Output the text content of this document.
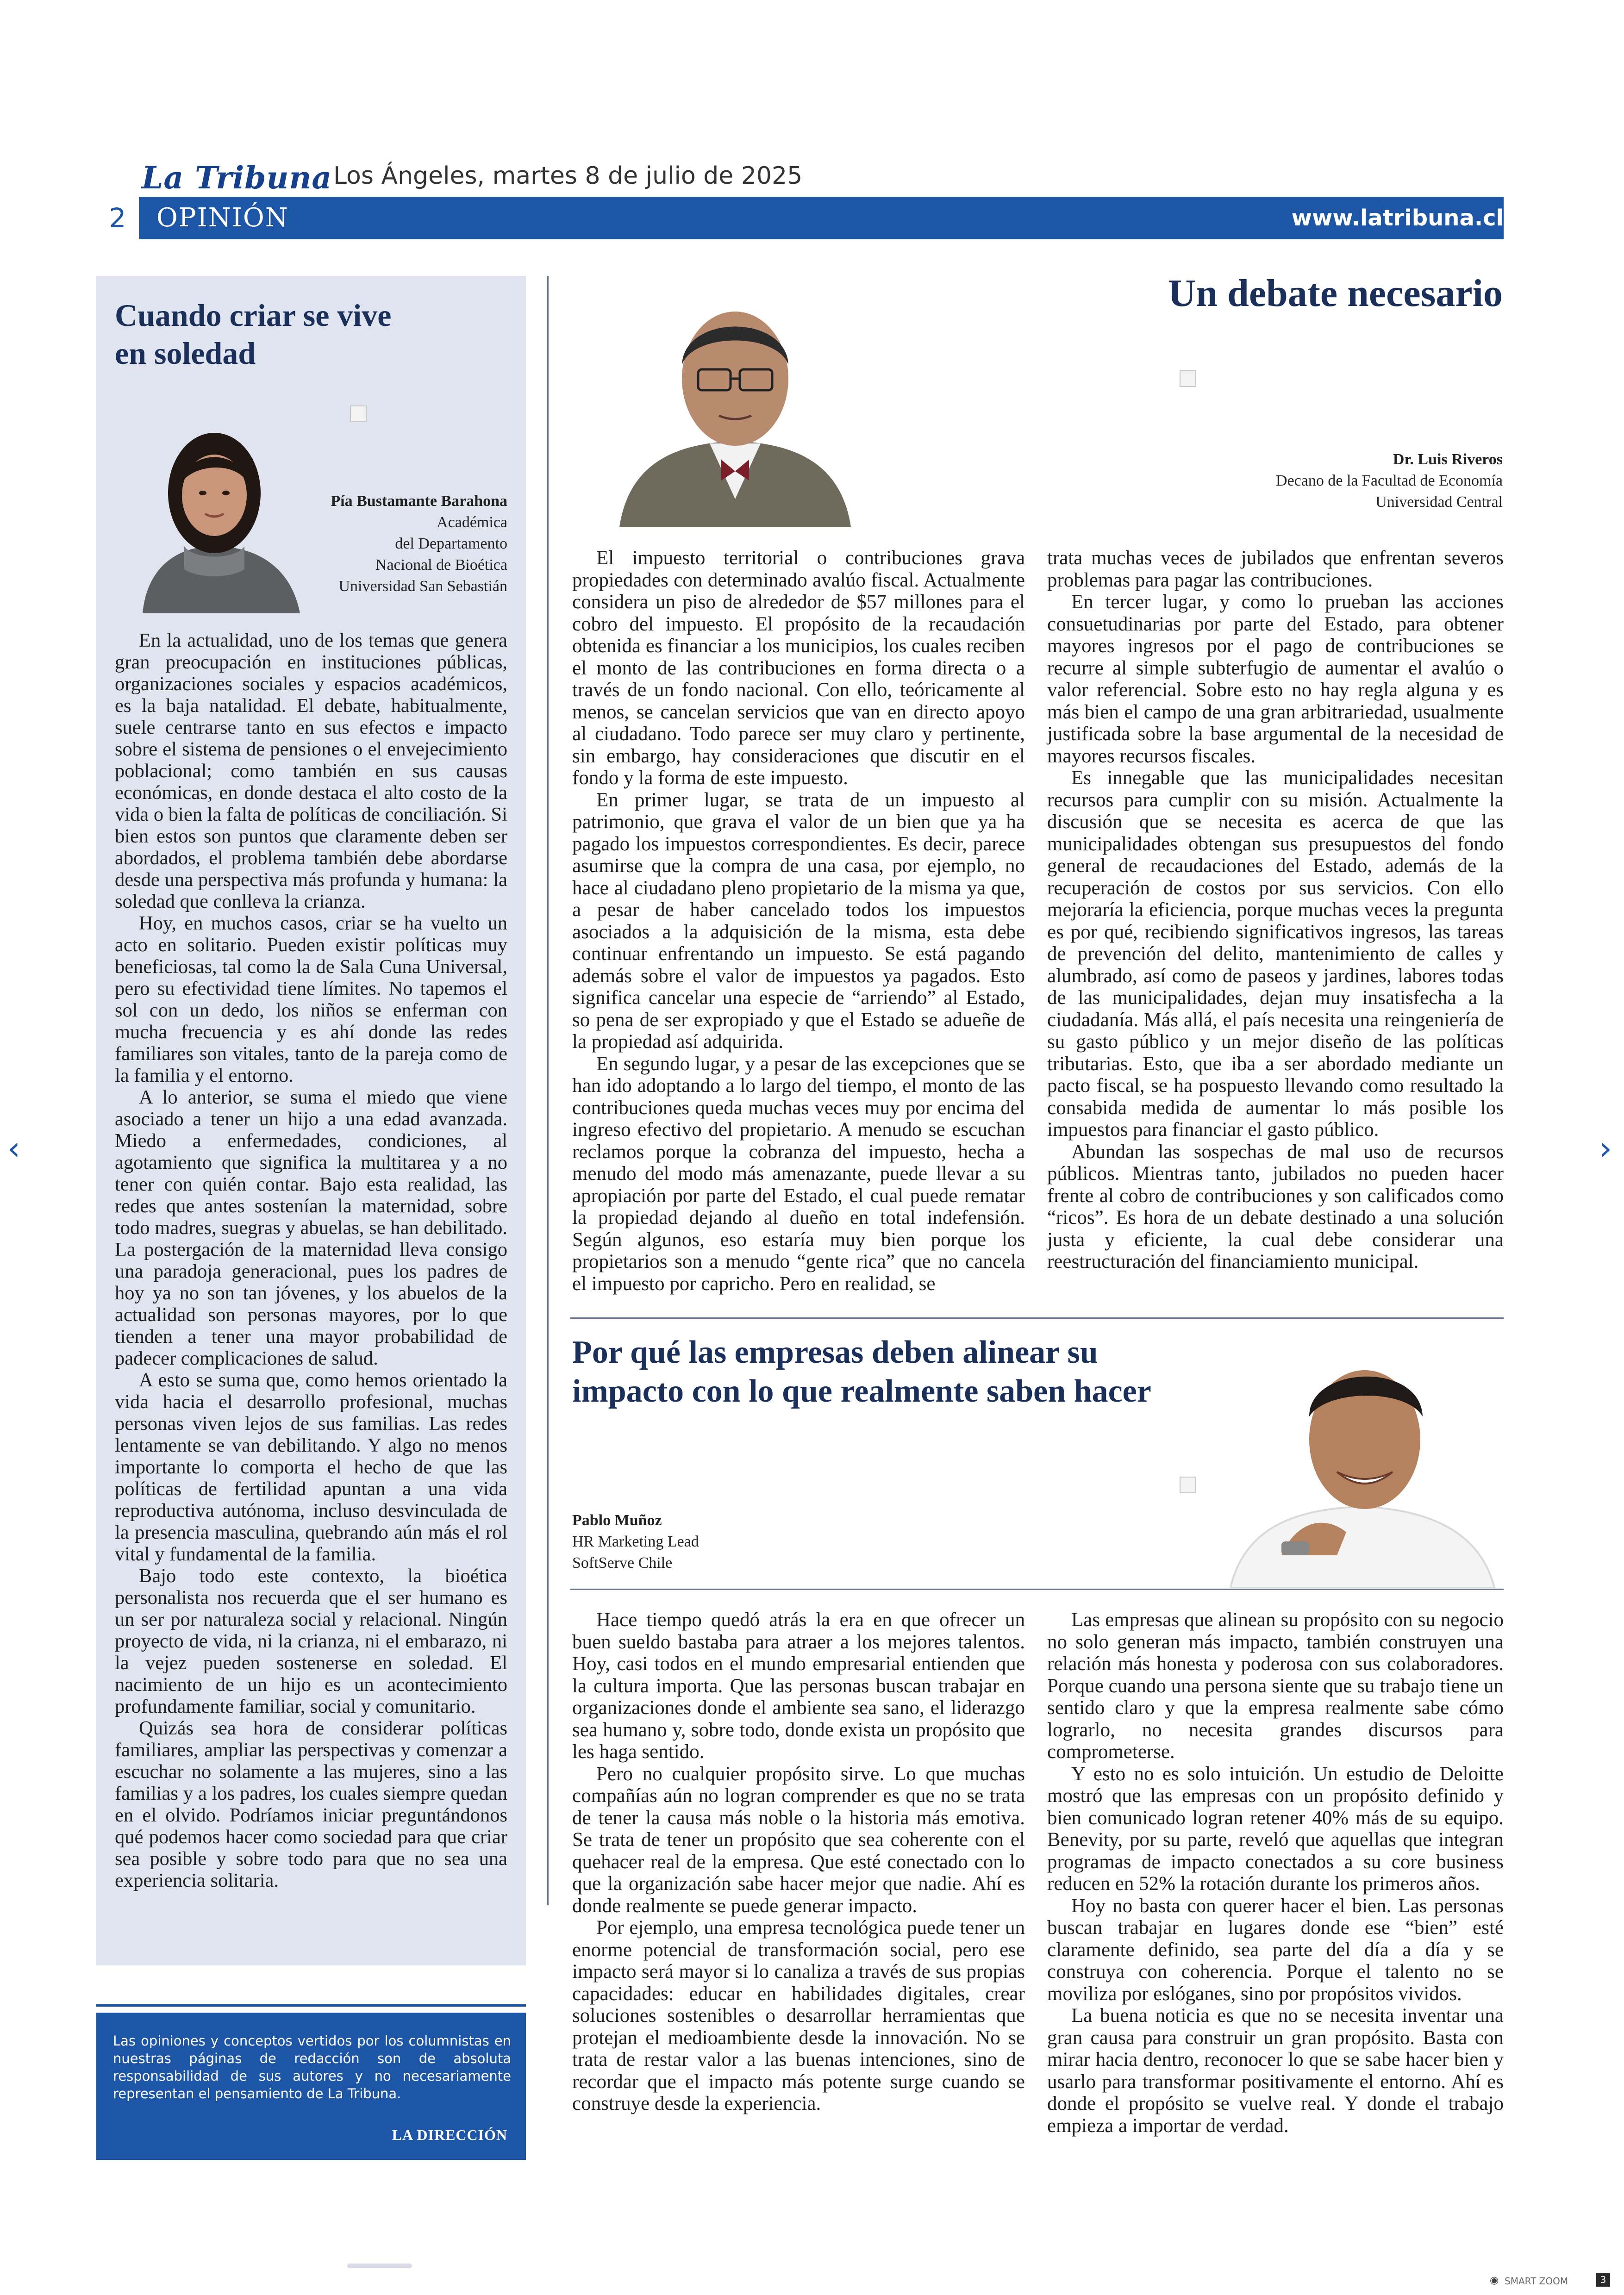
La Tribuna Los Ángeles, martes 8 de julio de 2025
2	OPINIÓN	www.latribuna.cl
Cuando criar se vive
en soledad
Pía Bustamante Barahona
Académica
del Departamento
Nacional de Bioética
Universidad San Sebastián

En la actualidad, uno de los temas que genera gran preocupación en instituciones públicas, organizaciones sociales y espacios académicos, es la baja natalidad. El debate, habitualmente, suele centrarse tanto en sus efectos e impacto sobre el sistema de pensiones o el envejecimiento poblacional; como también en sus causas económicas, en donde destaca el alto costo de la vida o bien la falta de políticas de conciliación. Si bien estos son puntos que claramente deben ser abordados, el problema también debe abordarse desde una perspectiva más profunda y humana: la soledad que conlleva la crianza.

Hoy, en muchos casos, criar se ha vuelto un acto en solitario. Pueden existir políticas muy beneficiosas, tal como la de Sala Cuna Universal, pero su efectividad tiene límites. No tapemos el sol con un dedo, los niños se enferman con mucha frecuencia y es ahí donde las redes familiares son vitales, tanto de la pareja como de la familia y el entorno.

A lo anterior, se suma el miedo que viene asociado a tener un hijo a una edad avanzada. Miedo a enfermedades, condiciones, al agotamiento que significa la multitarea y a no tener con quién contar. Bajo esta realidad, las redes que antes sostenían la maternidad, sobre todo madres, suegras y abuelas, se han debilitado. La postergación de la maternidad lleva consigo una paradoja generacional, pues los padres de hoy ya no son tan jóvenes, y los abuelos de la actualidad son personas mayores, por lo que tienden a tener una mayor probabilidad de padecer complicaciones de salud.

A esto se suma que, como hemos orientado la vida hacia el desarrollo profesional, muchas personas viven lejos de sus familias. Las redes lentamente se van debilitando. Y algo no menos importante lo comporta el hecho de que las políticas de fertilidad apuntan a una vida reproductiva autónoma, incluso desvinculada de la presencia masculina, quebrando aún más el rol vital y fundamental de la familia.

Bajo todo este contexto, la bioética personalista nos recuerda que el ser humano es un ser por naturaleza social y relacional. Ningún proyecto de vida, ni la crianza, ni el embarazo, ni la vejez pueden sostenerse en soledad. El nacimiento de un hijo es un acontecimiento profundamente familiar, social y comunitario.

Quizás sea hora de considerar políticas familiares, ampliar las perspectivas y comenzar a escuchar no solamente a las mujeres, sino a las familias y a los padres, los cuales siempre quedan en el olvido. Podríamos iniciar preguntándonos qué podemos hacer como sociedad para que criar sea posible y sobre todo para que no sea una experiencia solitaria.

Las opiniones y conceptos vertidos por los columnistas en nuestras páginas de redacción son de absoluta responsabilidad de sus autores y no necesariamente representan el pensamiento de La Tribuna.
LA DIRECCIÓN
Un debate necesario
Dr. Luis Riveros
Decano de la Facultad de Economía
Universidad Central

El impuesto territorial o contribuciones grava propiedades con determinado avalúo fiscal. Actualmente considera un piso de alrededor de $57 millones para el cobro del impuesto. El propósito de la recaudación obtenida es financiar a los municipios, los cuales reciben el monto de las contribuciones en forma directa o a través de un fondo nacional. Con ello, teóricamente al menos, se cancelan servicios que van en directo apoyo al ciudadano. Todo parece ser muy claro y pertinente, sin embargo, hay consideraciones que discutir en el fondo y la forma de este impuesto.

En primer lugar, se trata de un impuesto al patrimonio, que grava el valor de un bien que ya ha pagado los impuestos correspondientes. Es decir, parece asumirse que la compra de una casa, por ejemplo, no hace al ciudadano pleno propietario de la misma ya que, a pesar de haber cancelado todos los impuestos asociados a la adquisición de la misma, esta debe continuar enfrentando un impuesto. Se está pagando además sobre el valor de impuestos ya pagados. Esto significa cancelar una especie de “arriendo” al Estado, so pena de ser expropiado y que el Estado se adueñe de la propiedad así adquirida.

En segundo lugar, y a pesar de las excepciones que se han ido adoptando a lo largo del tiempo, el monto de las contribuciones queda muchas veces muy por encima del ingreso efectivo del propietario. A menudo se escuchan reclamos porque la cobranza del impuesto, hecha a menudo del modo más amenazante, puede llevar a su apropiación por parte del Estado, el cual puede rematar la propiedad dejando al dueño en total indefensión. Según algunos, eso estaría muy bien porque los propietarios son a menudo “gente rica” que no cancela el impuesto por capricho. Pero en realidad, se

trata muchas veces de jubilados que enfrentan severos problemas para pagar las contribuciones.

En tercer lugar, y como lo prueban las acciones consuetudinarias por parte del Estado, para obtener mayores ingresos por el pago de contribuciones se recurre al simple subterfugio de aumentar el avalúo o valor referencial. Sobre esto no hay regla alguna y es más bien el campo de una gran arbitrariedad, usualmente justificada sobre la base argumental de la necesidad de mayores recursos fiscales.

Es innegable que las municipalidades necesitan recursos para cumplir con su misión. Actualmente la discusión que se necesita es acerca de que las municipalidades obtengan sus presupuestos del fondo general de recaudaciones del Estado, además de la recuperación de costos por sus servicios. Con ello mejoraría la eficiencia, porque muchas veces la pregunta es por qué, recibiendo significativos ingresos, las tareas de prevención del delito, mantenimiento de calles y alumbrado, así como de paseos y jardines, labores todas de las municipalidades, dejan muy insatisfecha a la ciudadanía. Más allá, el país necesita una reingeniería de su gasto público y un mejor diseño de las políticas tributarias. Esto, que iba a ser abordado mediante un pacto fiscal, se ha pospuesto llevando como resultado la consabida medida de aumentar lo más posible los impuestos para financiar el gasto público.

Abundan las sospechas de mal uso de recursos públicos. Mientras tanto, jubilados no pueden hacer frente al cobro de contribuciones y son calificados como “ricos”. Es hora de un debate destinado a una solución justa y eficiente, la cual debe considerar una reestructuración del financiamiento municipal.

Por qué las empresas deben alinear su
impacto con lo que realmente saben hacer
Pablo Muñoz
HR Marketing Lead
SoftServe Chile

Hace tiempo quedó atrás la era en que ofrecer un buen sueldo bastaba para atraer a los mejores talentos. Hoy, casi todos en el mundo empresarial entienden que la cultura importa. Que las personas buscan trabajar en organizaciones donde el ambiente sea sano, el liderazgo sea humano y, sobre todo, donde exista un propósito que les haga sentido.

Pero no cualquier propósito sirve. Lo que muchas compañías aún no logran comprender es que no se trata de tener la causa más noble o la historia más emotiva. Se trata de tener un propósito que sea coherente con el quehacer real de la empresa. Que esté conectado con lo que la organización sabe hacer mejor que nadie. Ahí es donde realmente se puede generar impacto.

Por ejemplo, una empresa tecnológica puede tener un enorme potencial de transformación social, pero ese impacto será mayor si lo canaliza a través de sus propias capacidades: educar en habilidades digitales, crear soluciones sostenibles o desarrollar herramientas que protejan el medioambiente desde la innovación. No se trata de restar valor a las buenas intenciones, sino de recordar que el impacto más potente surge cuando se construye desde la experiencia.

Las empresas que alinean su propósito con su negocio no solo generan más impacto, también construyen una relación más honesta y poderosa con sus colaboradores. Porque cuando una persona siente que su trabajo tiene un sentido claro y que la empresa realmente sabe cómo lograrlo, no necesita grandes discursos para comprometerse.

Y esto no es solo intuición. Un estudio de Deloitte mostró que las empresas con un propósito definido y bien comunicado logran retener 40% más de su equipo. Benevity, por su parte, reveló que aquellas que integran programas de impacto conectados a su core business reducen en 52% la rotación durante los primeros años.

Hoy no basta con querer hacer el bien. Las personas buscan trabajar en lugares donde ese “bien” esté claramente definido, sea parte del día a día y se construya con coherencia. Porque el talento no se moviliza por eslóganes, sino por propósitos vividos.

La buena noticia es que no se necesita inventar una gran causa para construir un gran propósito. Basta con mirar hacia dentro, reconocer lo que se sabe hacer bien y usarlo para transformar positivamente el entorno. Ahí es donde el propósito se vuelve real. Y donde el trabajo empieza a importar de verdad.

‹	›
◉ SMART ZOOM	3
